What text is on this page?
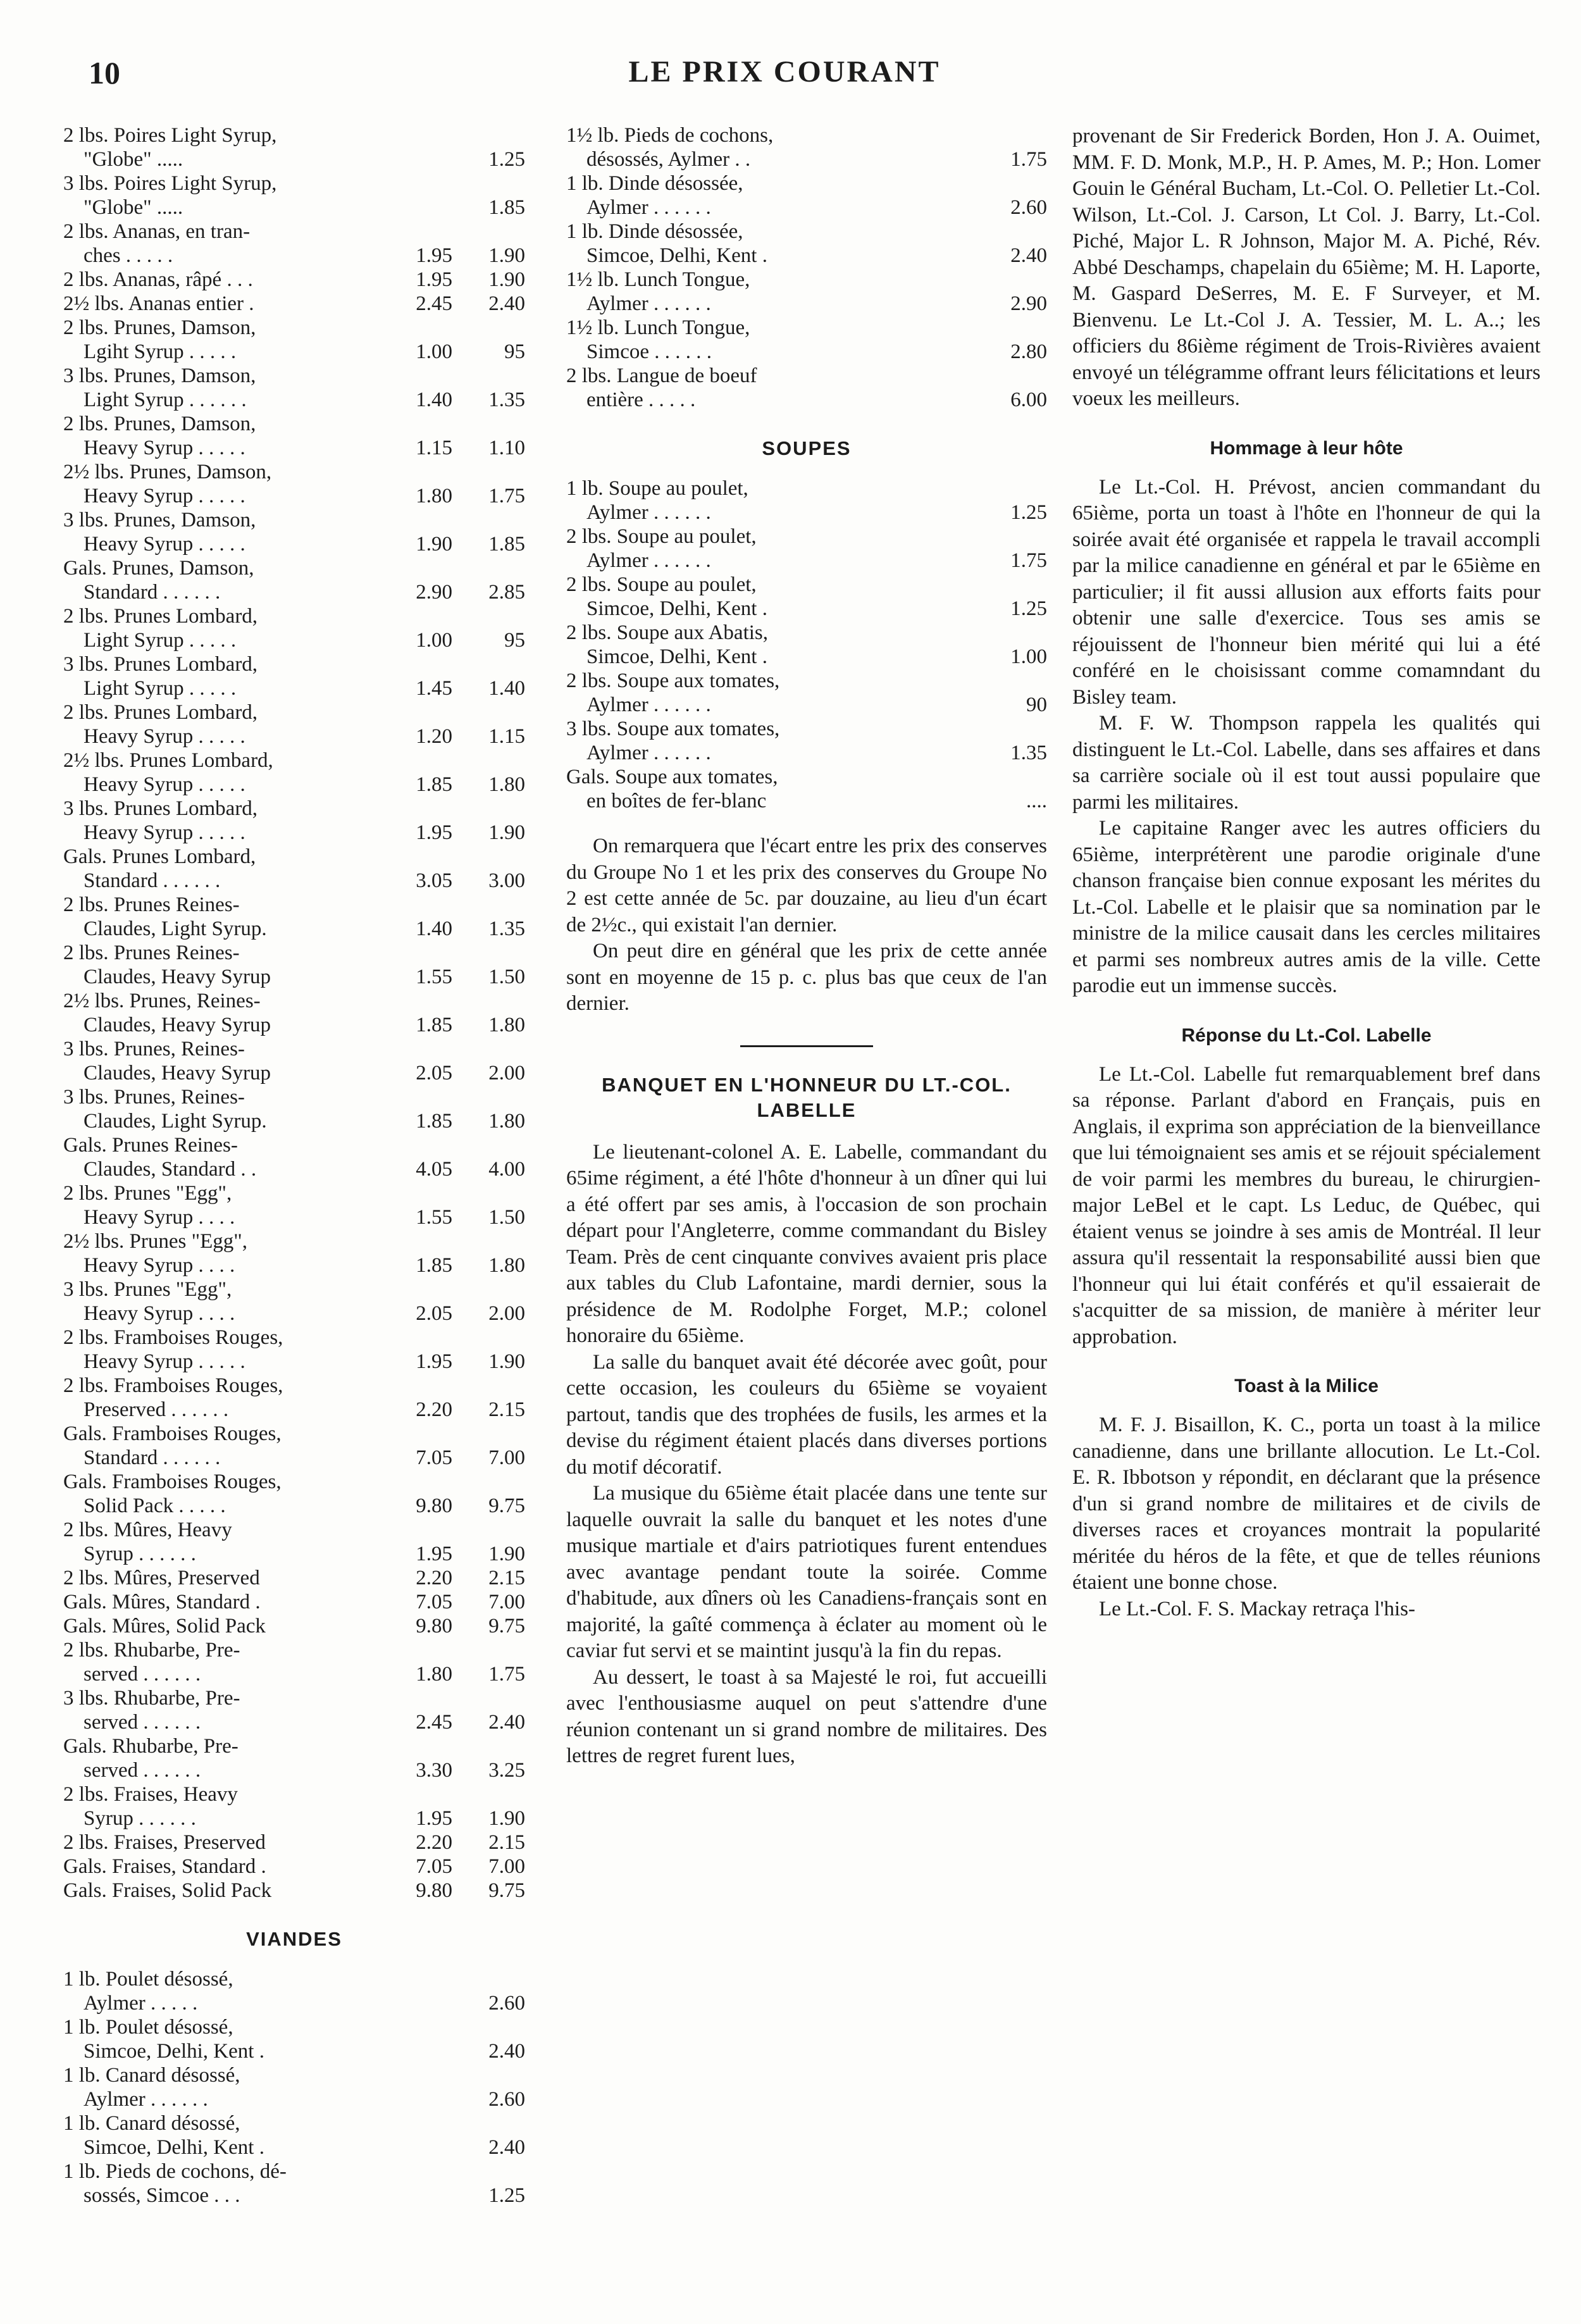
10	LE PRIX COURANT
2 lbs. Poires Light Syrup,
"Globe" .....	1.25
3 lbs. Poires Light Syrup,
"Globe" .....	1.85
2 lbs. Ananas, en tran-
ches . . . . .	1.95	1.90
2 lbs. Ananas, râpé . . .	1.95	1.90
2½ lbs. Ananas entier .	2.45	2.40
2 lbs. Prunes, Damson,
Lgiht Syrup . . . . .	1.00	95
3 lbs. Prunes, Damson,
Light Syrup . . . . . .	1.40	1.35
2 lbs. Prunes, Damson,
Heavy Syrup . . . . .	1.15	1.10
2½ lbs. Prunes, Damson,
Heavy Syrup . . . . .	1.80	1.75
3 lbs. Prunes, Damson,
Heavy Syrup . . . . .	1.90	1.85
Gals. Prunes, Damson,
Standard . . . . . .	2.90	2.85
2 lbs. Prunes Lombard,
Light Syrup . . . . .	1.00	95
3 lbs. Prunes Lombard,
Light Syrup . . . . .	1.45	1.40
2 lbs. Prunes Lombard,
Heavy Syrup . . . . .	1.20	1.15
2½ lbs. Prunes Lombard,
Heavy Syrup . . . . .	1.85	1.80
3 lbs. Prunes Lombard,
Heavy Syrup . . . . .	1.95	1.90
Gals. Prunes Lombard,
Standard . . . . . .	3.05	3.00
2 lbs. Prunes Reines-
Claudes, Light Syrup.	1.40	1.35
2 lbs. Prunes Reines-
Claudes, Heavy Syrup	1.55	1.50
2½ lbs. Prunes, Reines-
Claudes, Heavy Syrup	1.85	1.80
3 lbs. Prunes, Reines-
Claudes, Heavy Syrup	2.05	2.00
3 lbs. Prunes, Reines-
Claudes, Light Syrup.	1.85	1.80
Gals. Prunes Reines-
Claudes, Standard . .	4.05	4.00
2 lbs. Prunes "Egg",
Heavy Syrup . . . .	1.55	1.50
2½ lbs. Prunes "Egg",
Heavy Syrup . . . .	1.85	1.80
3 lbs. Prunes "Egg",
Heavy Syrup . . . .	2.05	2.00
2 lbs. Framboises Rouges,
Heavy Syrup . . . . .	1.95	1.90
2 lbs. Framboises Rouges,
Preserved . . . . . .	2.20	2.15
Gals. Framboises Rouges,
Standard . . . . . .	7.05	7.00
Gals. Framboises Rouges,
Solid Pack . . . . .	9.80	9.75
2 lbs. Mûres, Heavy
Syrup . . . . . .	1.95	1.90
2 lbs. Mûres, Preserved	2.20	2.15
Gals. Mûres, Standard .	7.05	7.00
Gals. Mûres, Solid Pack	9.80	9.75
2 lbs. Rhubarbe, Pre-
served . . . . . .	1.80	1.75
3 lbs. Rhubarbe, Pre-
served . . . . . .	2.45	2.40
Gals. Rhubarbe, Pre-
served . . . . . .	3.30	3.25
2 lbs. Fraises, Heavy
Syrup . . . . . .	1.95	1.90
2 lbs. Fraises, Preserved	2.20	2.15
Gals. Fraises, Standard .	7.05	7.00
Gals. Fraises, Solid Pack	9.80	9.75
VIANDES
1 lb. Poulet désossé,
Aylmer . . . . .	2.60
1 lb. Poulet désossé,
Simcoe, Delhi, Kent .	2.40
1 lb. Canard désossé,
Aylmer . . . . . .	2.60
1 lb. Canard désossé,
Simcoe, Delhi, Kent .	2.40
1 lb. Pieds de cochons, dé-
sossés, Simcoe . . .	1.25
1½ lb. Pieds de cochons,
désossés, Aylmer . .	1.75
1 lb. Dinde désossée,
Aylmer . . . . . .	2.60
1 lb. Dinde désossée,
Simcoe, Delhi, Kent .	2.40
1½ lb. Lunch Tongue,
Aylmer . . . . . .	2.90
1½ lb. Lunch Tongue,
Simcoe . . . . . .	2.80
2 lbs. Langue de boeuf
entière . . . . .	6.00
SOUPES
1 lb. Soupe au poulet,
Aylmer . . . . . .	1.25
2 lbs. Soupe au poulet,
Aylmer . . . . . .	1.75
2 lbs. Soupe au poulet,
Simcoe, Delhi, Kent .	1.25
2 lbs. Soupe aux Abatis,
Simcoe, Delhi, Kent .	1.00
2 lbs. Soupe aux tomates,
Aylmer . . . . . .	90
3 lbs. Soupe aux tomates,
Aylmer . . . . . .	1.35
Gals. Soupe aux tomates,
en boîtes de fer-blanc	....

On remarquera que l'écart entre les prix des conserves du Groupe No 1 et les prix des conserves du Groupe No 2 est cette année de 5c. par douzaine, au lieu d'un écart de 2½c., qui existait l'an dernier.

On peut dire en général que les prix de cette année sont en moyenne de 15 p. c. plus bas que ceux de l'an dernier.

BANQUET EN L'HONNEUR DU LT.-COL. LABELLE

Le lieutenant-colonel A. E. Labelle, commandant du 65ime régiment, a été l'hôte d'honneur à un dîner qui lui a été offert par ses amis, à l'occasion de son prochain départ pour l'Angleterre, comme commandant du Bisley Team. Près de cent cinquante convives avaient pris place aux tables du Club Lafontaine, mardi dernier, sous la présidence de M. Rodolphe Forget, M.P.; colonel honoraire du 65ième.

La salle du banquet avait été décorée avec goût, pour cette occasion, les couleurs du 65ième se voyaient partout, tandis que des trophées de fusils, les armes et la devise du régiment étaient placés dans diverses portions du motif décoratif.

La musique du 65ième était placée dans une tente sur laquelle ouvrait la salle du banquet et les notes d'une musique martiale et d'airs patriotiques furent entendues avec avantage pendant toute la soirée. Comme d'habitude, aux dîners où les Canadiens-français sont en majorité, la gaîté commença à éclater au moment où le caviar fut servi et se maintint jusqu'à la fin du repas.

Au dessert, le toast à sa Majesté le roi, fut accueilli avec l'enthousiasme auquel on peut s'attendre d'une réunion contenant un si grand nombre de militaires. Des lettres de regret furent lues,

provenant de Sir Frederick Borden, Hon J. A. Ouimet, MM. F. D. Monk, M.P., H. P. Ames, M. P.; Hon. Lomer Gouin le Général Bucham, Lt.-Col. O. Pelletier Lt.-Col. Wilson, Lt.-Col. J. Carson, Lt Col. J. Barry, Lt.-Col. Piché, Major L. R Johnson, Major M. A. Piché, Rév. Abbé Deschamps, chapelain du 65ième; M. H. Laporte, M. Gaspard DeSerres, M. E. F Surveyer, et M. Bienvenu. Le Lt.-Col J. A. Tessier, M. L. A..; les officiers du 86ième régiment de Trois-Rivières avaient envoyé un télégramme offrant leurs félicitations et leurs voeux les meilleurs.

Hommage à leur hôte

Le Lt.-Col. H. Prévost, ancien commandant du 65ième, porta un toast à l'hôte en l'honneur de qui la soirée avait été organisée et rappela le travail accompli par la milice canadienne en général et par le 65ième en particulier; il fit aussi allusion aux efforts faits pour obtenir une salle d'exercice. Tous ses amis se réjouissent de l'honneur bien mérité qui lui a été conféré en le choisissant comme comamndant du Bisley team.

M. F. W. Thompson rappela les qualités qui distinguent le Lt.-Col. Labelle, dans ses affaires et dans sa carrière sociale où il est tout aussi populaire que parmi les militaires.

Le capitaine Ranger avec les autres officiers du 65ième, interprétèrent une parodie originale d'une chanson française bien connue exposant les mérites du Lt.-Col. Labelle et le plaisir que sa nomination par le ministre de la milice causait dans les cercles militaires et parmi ses nombreux autres amis de la ville. Cette parodie eut un immense succès.

Réponse du Lt.-Col. Labelle

Le Lt.-Col. Labelle fut remarquablement bref dans sa réponse. Parlant d'abord en Français, puis en Anglais, il exprima son appréciation de la bienveillance que lui témoignaient ses amis et se réjouit spécialement de voir parmi les membres du bureau, le chirurgien-major LeBel et le capt. Ls Leduc, de Québec, qui étaient venus se joindre à ses amis de Montréal. Il leur assura qu'il ressentait la responsabilité aussi bien que l'honneur qui lui était conférés et qu'il essaierait de s'acquitter de sa mission, de manière à mériter leur approbation.

Toast à la Milice

M. F. J. Bisaillon, K. C., porta un toast à la milice canadienne, dans une brillante allocution. Le Lt.-Col. E. R. Ibbotson y répondit, en déclarant que la présence d'un si grand nombre de militaires et de civils de diverses races et croyances montrait la popularité méritée du héros de la fête, et que de telles réunions étaient une bonne chose.

Le Lt.-Col. F. S. Mackay retraça l'his-
